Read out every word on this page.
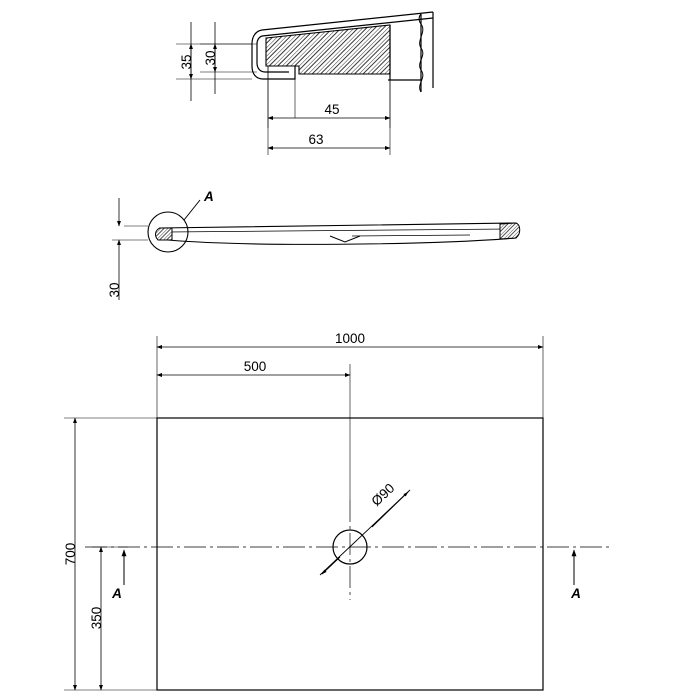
35 30
45
63
A
30
Ø90
1000
500
700
350
A	A
